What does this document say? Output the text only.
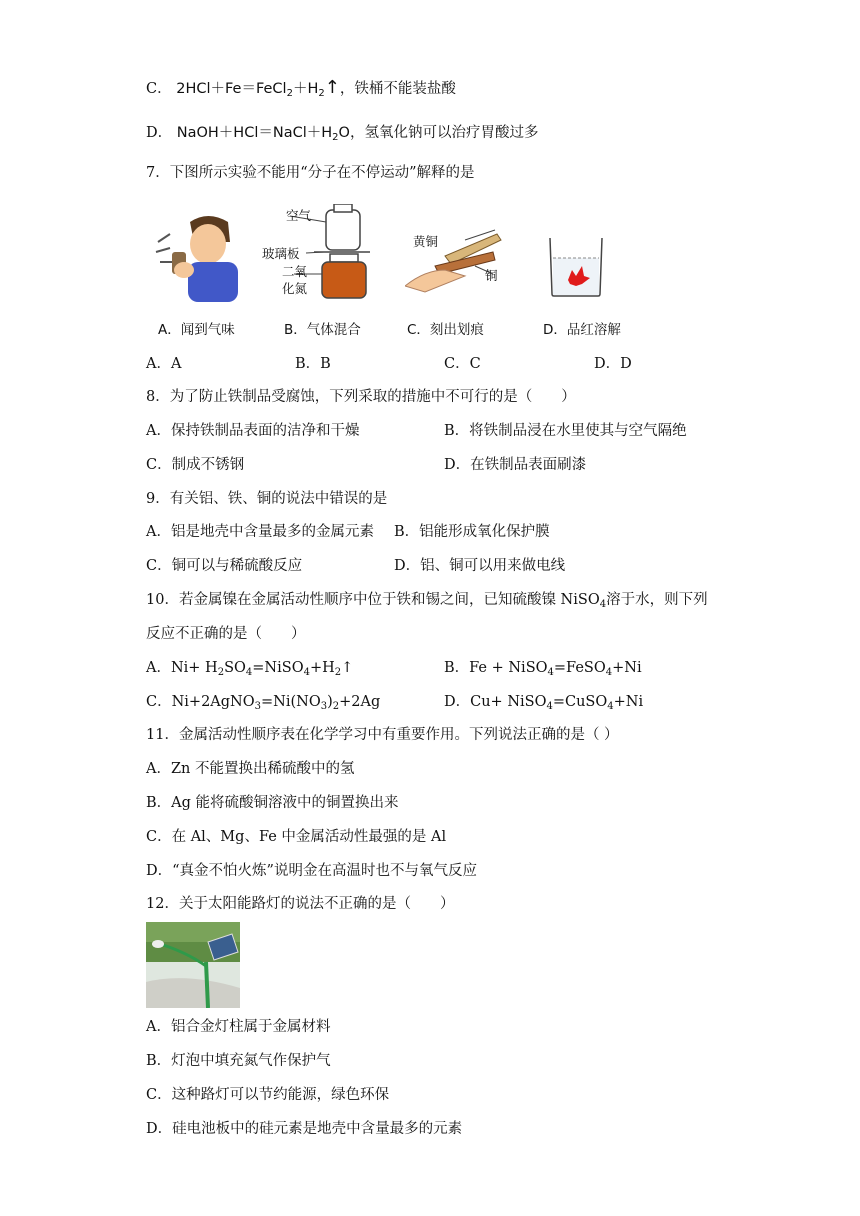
C． $2HCl+Fe=FeCl_2+H_2↑$，铁桶不能装盐酸
D． $NaOH+HCl=NaCl+H_2O$，氢氧化钠可以治疗胃酸过多
7．下图所示实验不能用“分子在不停运动”解释的是
空气
玻璃板
二氧
化氮
黄铜
铜
A．闻到气味	B．气体混合	C．刻出划痕	D．品红溶解
A．A	B．B	C．C	D．D
8．为了防止铁制品受腐蚀，下列采取的措施中不可行的是（　　）
A．保持铁制品表面的洁净和干燥	B．将铁制品浸在水里使其与空气隔绝
C．制成不锈钢	D．在铁制品表面刷漆
9．有关铝、铁、铜的说法中错误的是
A．铝是地壳中含量最多的金属元素 B．铝能形成氧化保护膜
C．铜可以与稀硫酸反应	D．铝、铜可以用来做电线
10．若金属镍在金属活动性顺序中位于铁和锡之间，已知硫酸镍 NiSO$_4$溶于水，则下列
反应不正确的是（　　）
A．$Ni+ H_2SO_4=NiSO_4+H_2↑$	B．Fe + NiSO$_4$=FeSO$_4$+Ni
C．$Ni+2AgNO_3=Ni(NO_3)_2+2Ag$	D．Cu+ NiSO$_4$=CuSO$_4$+Ni
11．金属活动性顺序表在化学学习中有重要作用。下列说法正确的是（ ）
A．Zn 不能置换出稀硫酸中的氢
B．Ag 能将硫酸铜溶液中的铜置换出来
C．在 Al、Mg、Fe 中金属活动性最强的是 Al
D．“真金不怕火炼”说明金在高温时也不与氧气反应
12．关于太阳能路灯的说法不正确的是（　　）
A．铝合金灯柱属于金属材料
B．灯泡中填充氮气作保护气
C．这种路灯可以节约能源，绿色环保
D．硅电池板中的硅元素是地壳中含量最多的元素
